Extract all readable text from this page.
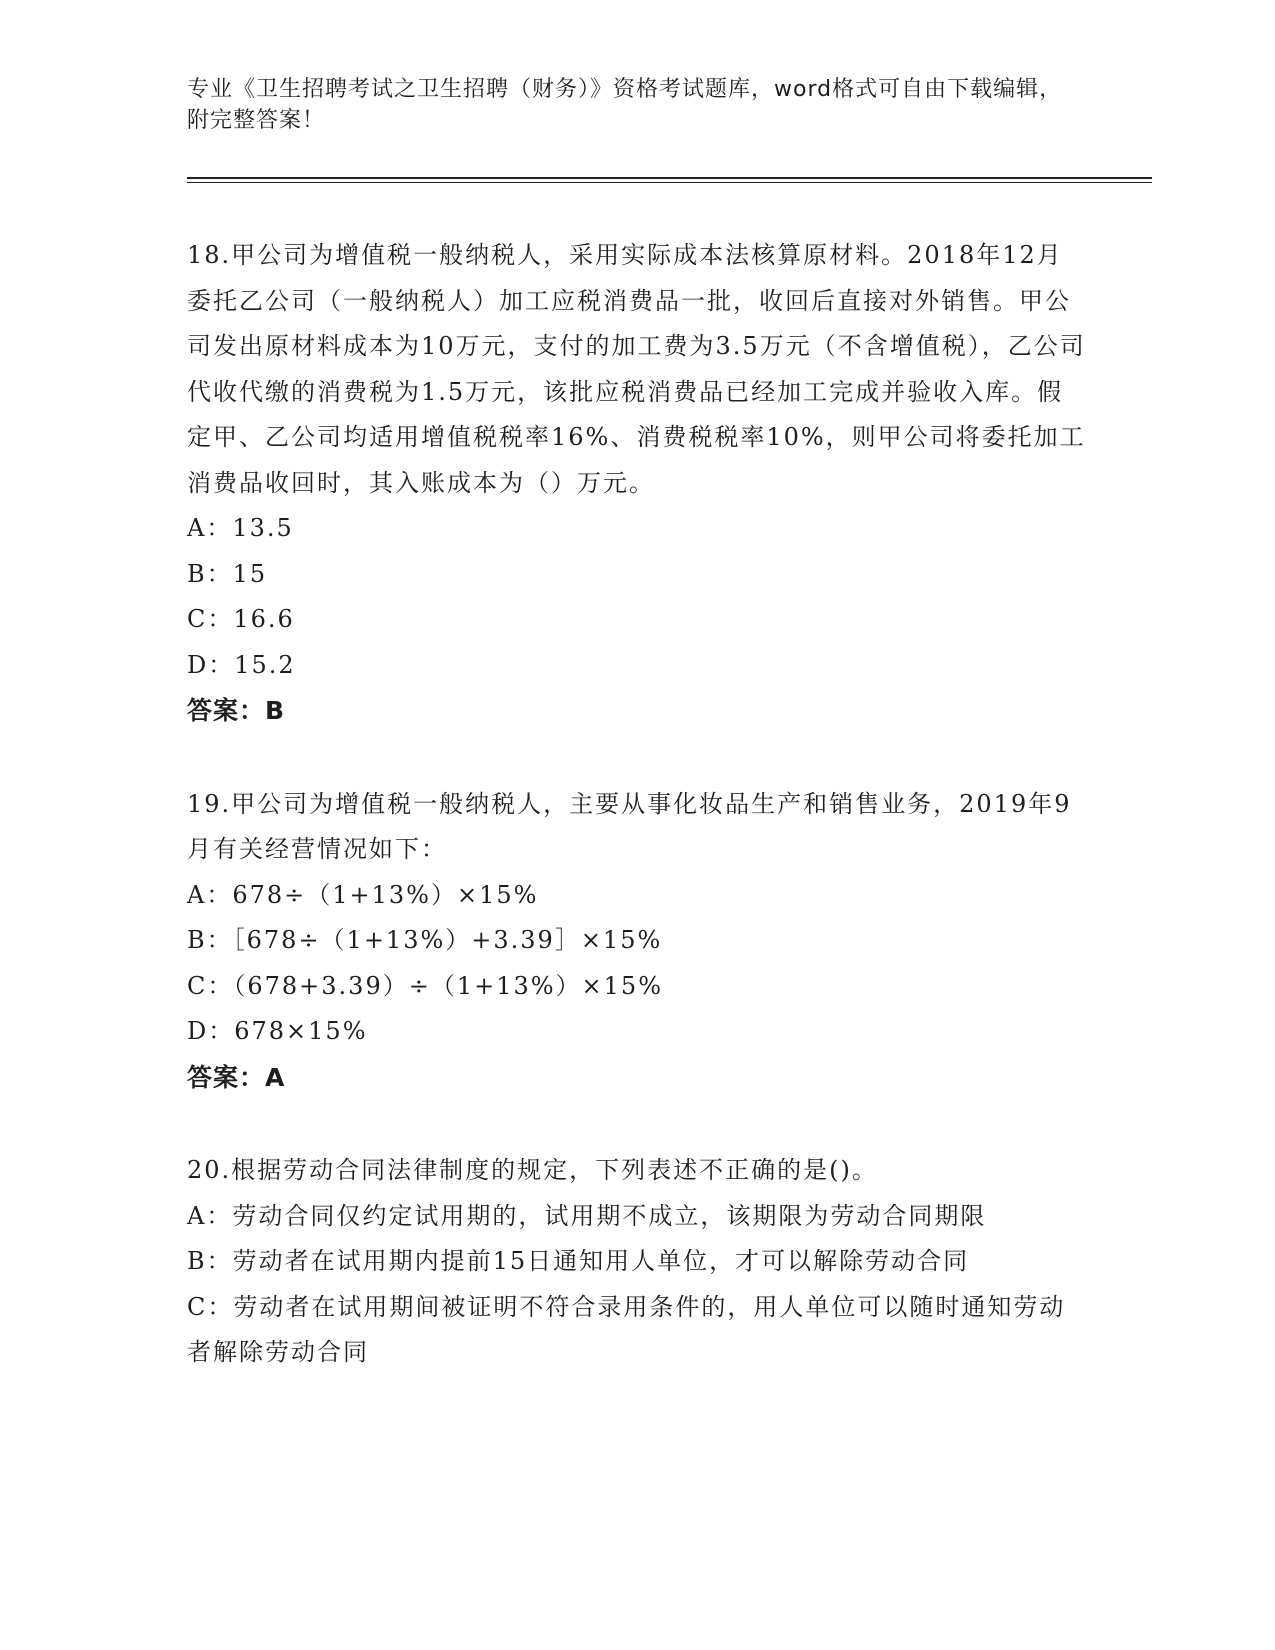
专业《卫生招聘考试之卫生招聘（财务）》资格考试题库，word格式可自由下载编辑，附完整答案！
18.甲公司为增值税一般纳税人，采用实际成本法核算原材料。2018年12月委托乙公司（一般纳税人）加工应税消费品一批，收回后直接对外销售。甲公司发出原材料成本为10万元，支付的加工费为3.5万元（不含增值税），乙公司代收代缴的消费税为1.5万元，该批应税消费品已经加工完成并验收入库。假定甲、乙公司均适用增值税税率16%、消费税税率10%，则甲公司将委托加工消费品收回时，其入账成本为（）万元。
A：13.5
B：15
C：16.6
D：15.2
答案：B
19.甲公司为增值税一般纳税人，主要从事化妆品生产和销售业务，2019年9月有关经营情况如下：
A：678÷（1+13%）×15%
B：［678÷（1+13%）+3.39］×15%
C：（678+3.39）÷（1+13%）×15%
D：678×15%
答案：A
20.根据劳动合同法律制度的规定，下列表述不正确的是()。
A：劳动合同仅约定试用期的，试用期不成立，该期限为劳动合同期限
B：劳动者在试用期内提前15日通知用人单位，才可以解除劳动合同
C：劳动者在试用期间被证明不符合录用条件的，用人单位可以随时通知劳动者解除劳动合同
